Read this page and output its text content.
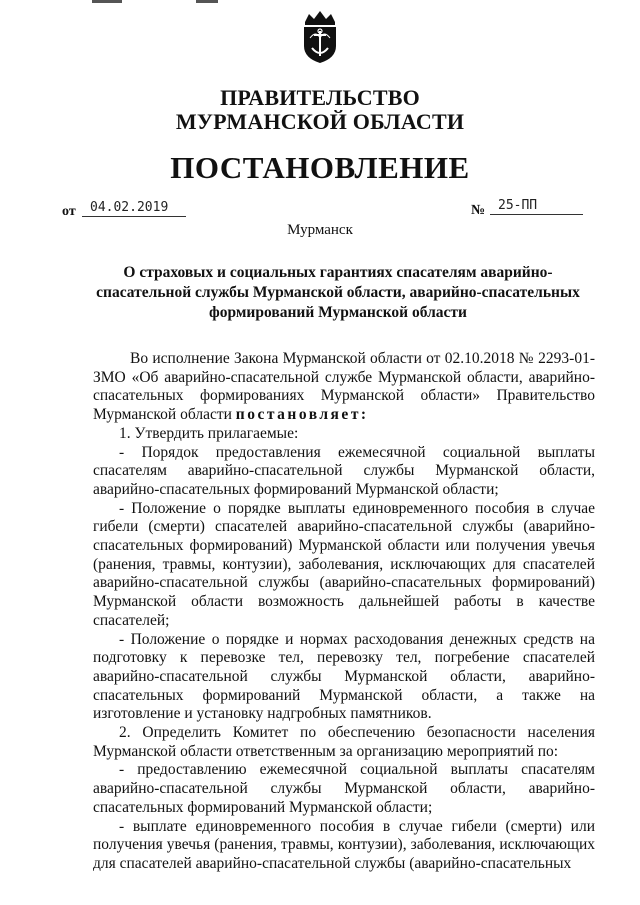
ПРАВИТЕЛЬСТВО
МУРМАНСКОЙ ОБЛАСТИ
ПОСТАНОВЛЕНИЕ
от	04.02.2019	№ 25-ПП
Мурманск
О страховых и социальных гарантиях спасателям аварийно-
спасательной службы Мурманской области, аварийно-спасательных
формирований Мурманской области

Во исполнение Закона Мурманской области от 02.10.2018 № 2293-01-ЗМО «Об аварийно-спасательной службе Мурманской области, аварийно-спасательных формированиях Мурманской области» Правительство Мурманской области постановляет:

1. Утвердить прилагаемые:

- Порядок предоставления ежемесячной социальной выплаты спасателям аварийно-спасательной службы Мурманской области, аварийно-спасательных формирований Мурманской области;

- Положение о порядке выплаты единовременного пособия в случае гибели (смерти) спасателей аварийно-спасательной службы (аварийно-спасательных формирований) Мурманской области или получения увечья (ранения, травмы, контузии), заболевания, исключающих для спасателей аварийно-спасательной службы (аварийно-спасательных формирований) Мурманской области возможность дальнейшей работы в качестве спасателей;

- Положение о порядке и нормах расходования денежных средств на подготовку к перевозке тел, перевозку тел, погребение спасателей аварийно-спасательной службы Мурманской области, аварийно-спасательных формирований Мурманской области, а также на изготовление и установку надгробных памятников.

2. Определить Комитет по обеспечению безопасности населения Мурманской области ответственным за организацию мероприятий по:

- предоставлению ежемесячной социальной выплаты спасателям аварийно-спасательной службы Мурманской области, аварийно-спасательных формирований Мурманской области;

- выплате единовременного пособия в случае гибели (смерти) или получения увечья (ранения, травмы, контузии), заболевания, исключающих для спасателей аварийно-спасательной службы (аварийно-спасательных
